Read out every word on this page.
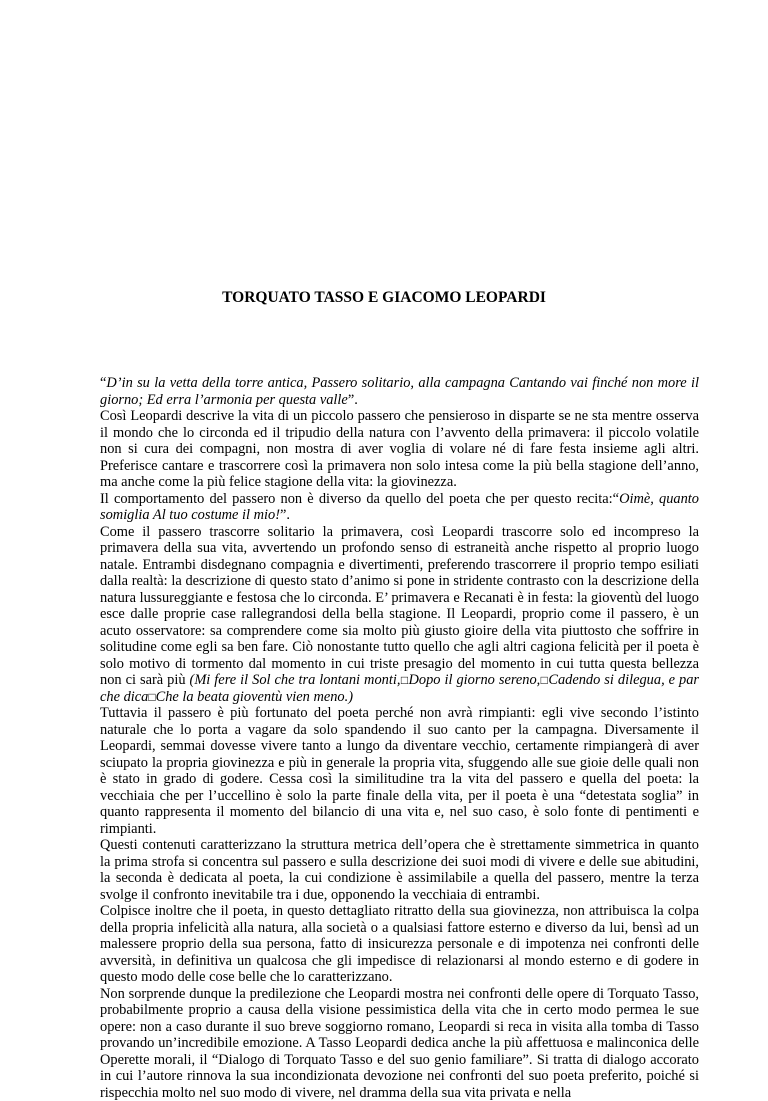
TORQUATO TASSO E GIACOMO LEOPARDI

“D’in su la vetta della torre antica, Passero solitario, alla campagna Cantando vai finché non more il giorno; Ed erra l’armonia per questa valle”.

Così Leopardi descrive la vita di un piccolo passero che pensieroso in disparte se ne sta mentre osserva il mondo che lo circonda ed il tripudio della natura con l’avvento della primavera: il piccolo volatile non si cura dei compagni, non mostra di aver voglia di volare né di fare festa insieme agli altri. Preferisce cantare e trascorrere così la primavera non solo intesa come la più bella stagione dell’anno, ma anche come la più felice stagione della vita: la giovinezza.

Il comportamento del passero non è diverso da quello del poeta che per questo recita:“Oimè, quanto somiglia Al tuo costume il mio!”.

Come il passero trascorre solitario la primavera, così Leopardi trascorre solo ed incompreso la primavera della sua vita, avvertendo un profondo senso di estraneità anche rispetto al proprio luogo natale. Entrambi disdegnano compagnia e divertimenti, preferendo trascorrere il proprio tempo esiliati dalla realtà: la descrizione di questo stato d’animo si pone in stridente contrasto con la descrizione della natura lussureggiante e festosa che lo circonda. E’ primavera e Recanati è in festa: la gioventù del luogo esce dalle proprie case rallegrandosi della bella stagione. Il Leopardi, proprio come il passero, è un acuto osservatore: sa comprendere come sia molto più giusto gioire della vita piuttosto che soffrire in solitudine come egli sa ben fare. Ciò nonostante tutto quello che agli altri cagiona felicità per il poeta è solo motivo di tormento dal momento in cui triste presagio del momento in cui tutta questa bellezza non ci sarà più (Mi fere il Sol che tra lontani monti,□Dopo il giorno sereno,□Cadendo si dilegua, e par che dica□Che la beata gioventù vien meno.)

Tuttavia il passero è più fortunato del poeta perché non avrà rimpianti: egli vive secondo l’istinto naturale che lo porta a vagare da solo spandendo il suo canto per la campagna. Diversamente il Leopardi, semmai dovesse vivere tanto a lungo da diventare vecchio, certamente rimpiangerà di aver sciupato la propria giovinezza e più in generale la propria vita, sfuggendo alle sue gioie delle quali non è stato in grado di godere. Cessa così la similitudine tra la vita del passero e quella del poeta: la vecchiaia che per l’uccellino è solo la parte finale della vita, per il poeta è una “detestata soglia” in quanto rappresenta il momento del bilancio di una vita e, nel suo caso, è solo fonte di pentimenti e rimpianti.

Questi contenuti caratterizzano la struttura metrica dell’opera che è strettamente simmetrica in quanto la prima strofa si concentra sul passero e sulla descrizione dei suoi modi di vivere e delle sue abitudini, la seconda è dedicata al poeta, la cui condizione è assimilabile a quella del passero, mentre la terza svolge il confronto inevitabile tra i due, opponendo la vecchiaia di entrambi.

Colpisce inoltre che il poeta, in questo dettagliato ritratto della sua giovinezza, non attribuisca la colpa della propria infelicità alla natura, alla società o a qualsiasi fattore esterno e diverso da lui, bensì ad un malessere proprio della sua persona, fatto di insicurezza personale e di impotenza nei confronti delle avversità, in definitiva un qualcosa che gli impedisce di relazionarsi al mondo esterno e di godere in questo modo delle cose belle che lo caratterizzano.

Non sorprende dunque la predilezione che Leopardi mostra nei confronti delle opere di Torquato Tasso, probabilmente proprio a causa della visione pessimistica della vita che in certo modo permea le sue opere: non a caso durante il suo breve soggiorno romano, Leopardi si reca in visita alla tomba di Tasso provando un’incredibile emozione. A Tasso Leopardi dedica anche la più affettuosa e malinconica delle Operette morali, il “Dialogo di Torquato Tasso e del suo genio familiare”. Si tratta di dialogo accorato in cui l’autore rinnova la sua incondizionata devozione nei confronti del suo poeta preferito, poiché si rispecchia molto nel suo modo di vivere, nel dramma della sua vita privata e nella
